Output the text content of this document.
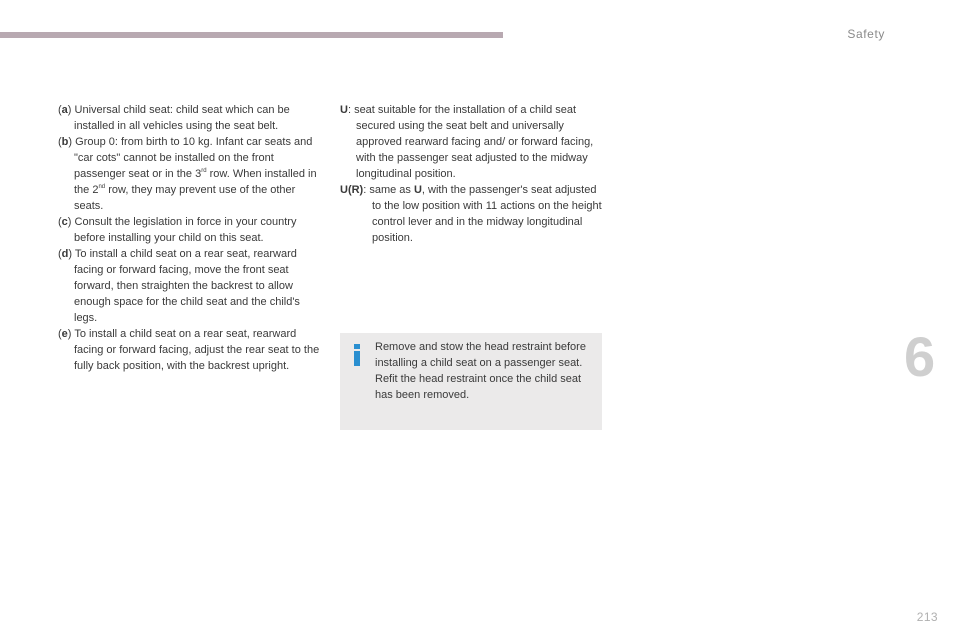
Safety

(a) Universal child seat: child seat which can be installed in all vehicles using the seat belt.

(b) Group 0: from birth to 10 kg. Infant car seats and "car cots" cannot be installed on the front passenger seat or in the 3rd row. When installed in the 2nd row, they may prevent use of the other seats.

(c) Consult the legislation in force in your country before installing your child on this seat.

(d) To install a child seat on a rear seat, rearward facing or forward facing, move the front seat forward, then straighten the backrest to allow enough space for the child seat and the child's legs.

(e) To install a child seat on a rear seat, rearward facing or forward facing, adjust the rear seat to the fully back position, with the backrest upright.

U: seat suitable for the installation of a child seat secured using the seat belt and universally approved rearward facing and/ or forward facing, with the passenger seat adjusted to the midway longitudinal position.

U(R): same as U, with the passenger's seat adjusted to the low position with 11 actions on the height control lever and in the midway longitudinal position.

Remove and stow the head restraint before installing a child seat on a passenger seat. Refit the head restraint once the child seat has been removed.
6
213
